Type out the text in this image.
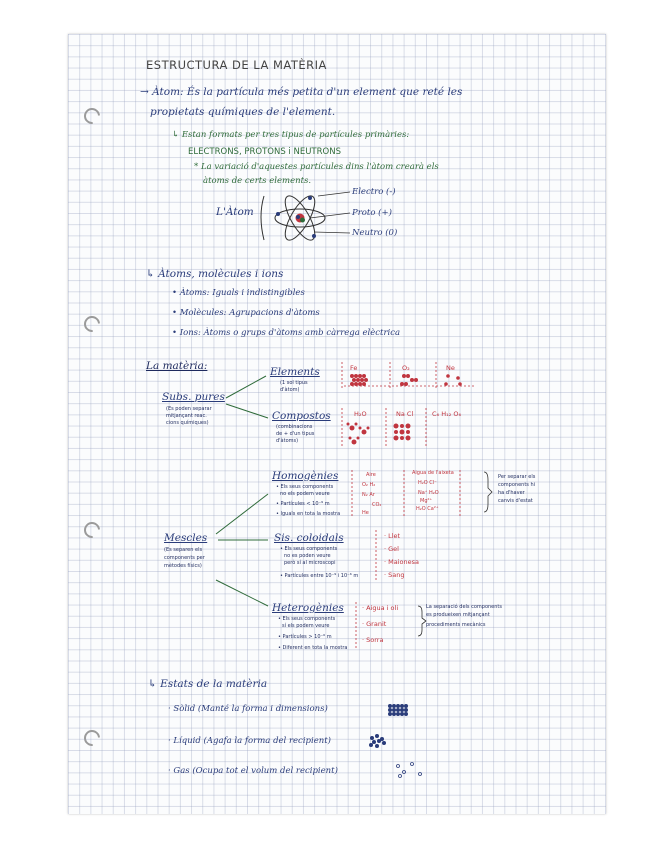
ESTRUCTURA DE LA MATÈRIA
→ Àtom: És la partícula més petita d'un element que reté les
propietats químiques de l'element.
↳ Estan formats per tres tipus de partícules primàries:
ELECTRONS, PROTONS i NEUTRONS
* La variació d'aquestes partícules dins l'àtom crearà els
àtoms de certs elements.
L'Àtom
Electro (-)
Proto (+)
Neutro (0)
↳ Àtoms, molècules i ions
• Àtoms: Iguals i indistingibles
• Molècules: Agrupacions d'àtoms
• Ions: Àtoms o grups d'àtoms amb càrrega elèctrica
La matèria:
Subs. pures
(Es poden separar
mitjançant reac.
cions químiques)
Elements
(1 sol tipus
d'àtom)
Fe	O₂	Ne
Compostos
(combinacions
de + d'un tipus
d'àtoms)
H₂O	Na Cl	C₆ H₁₂ O₆
Mescles
(Es separen els
components per
mètodes físics)
Homogènies
• Els seus components
no els podem veure
• Partícules < 10⁻⁹ m
• Iguals en tota la mostra
Aire
O₂ H₂
N₂ Ar
CO₂
He
Aigua de l'aixeta
H₂O Cl⁻
Na⁺ H₂O
Mg²⁺
H₂O Ca²⁺
Per separar els
components hi
ha d'haver
canvis d'estat
Sis. coloidals
• Els seus components
no es poden veure
però sí al microscopi
• Partícules entre 10⁻⁹ i 10⁻⁶ m
· Llet
· Gel
· Maionesa
· Sang
Heterogènies
• Els seus components
sí els podem veure
• Partícules > 10⁻⁶ m
• Diferent en tota la mostra
· Aigua i oli
· Granit
· Sorra
La separació dels components
es produeixen mitjançant
procediments mecànics
↳ Estats de la matèria
· Sòlid (Manté la forma i dimensions)
· Líquid (Agafa la forma del recipient)
· Gas (Ocupa tot el volum del recipient)
